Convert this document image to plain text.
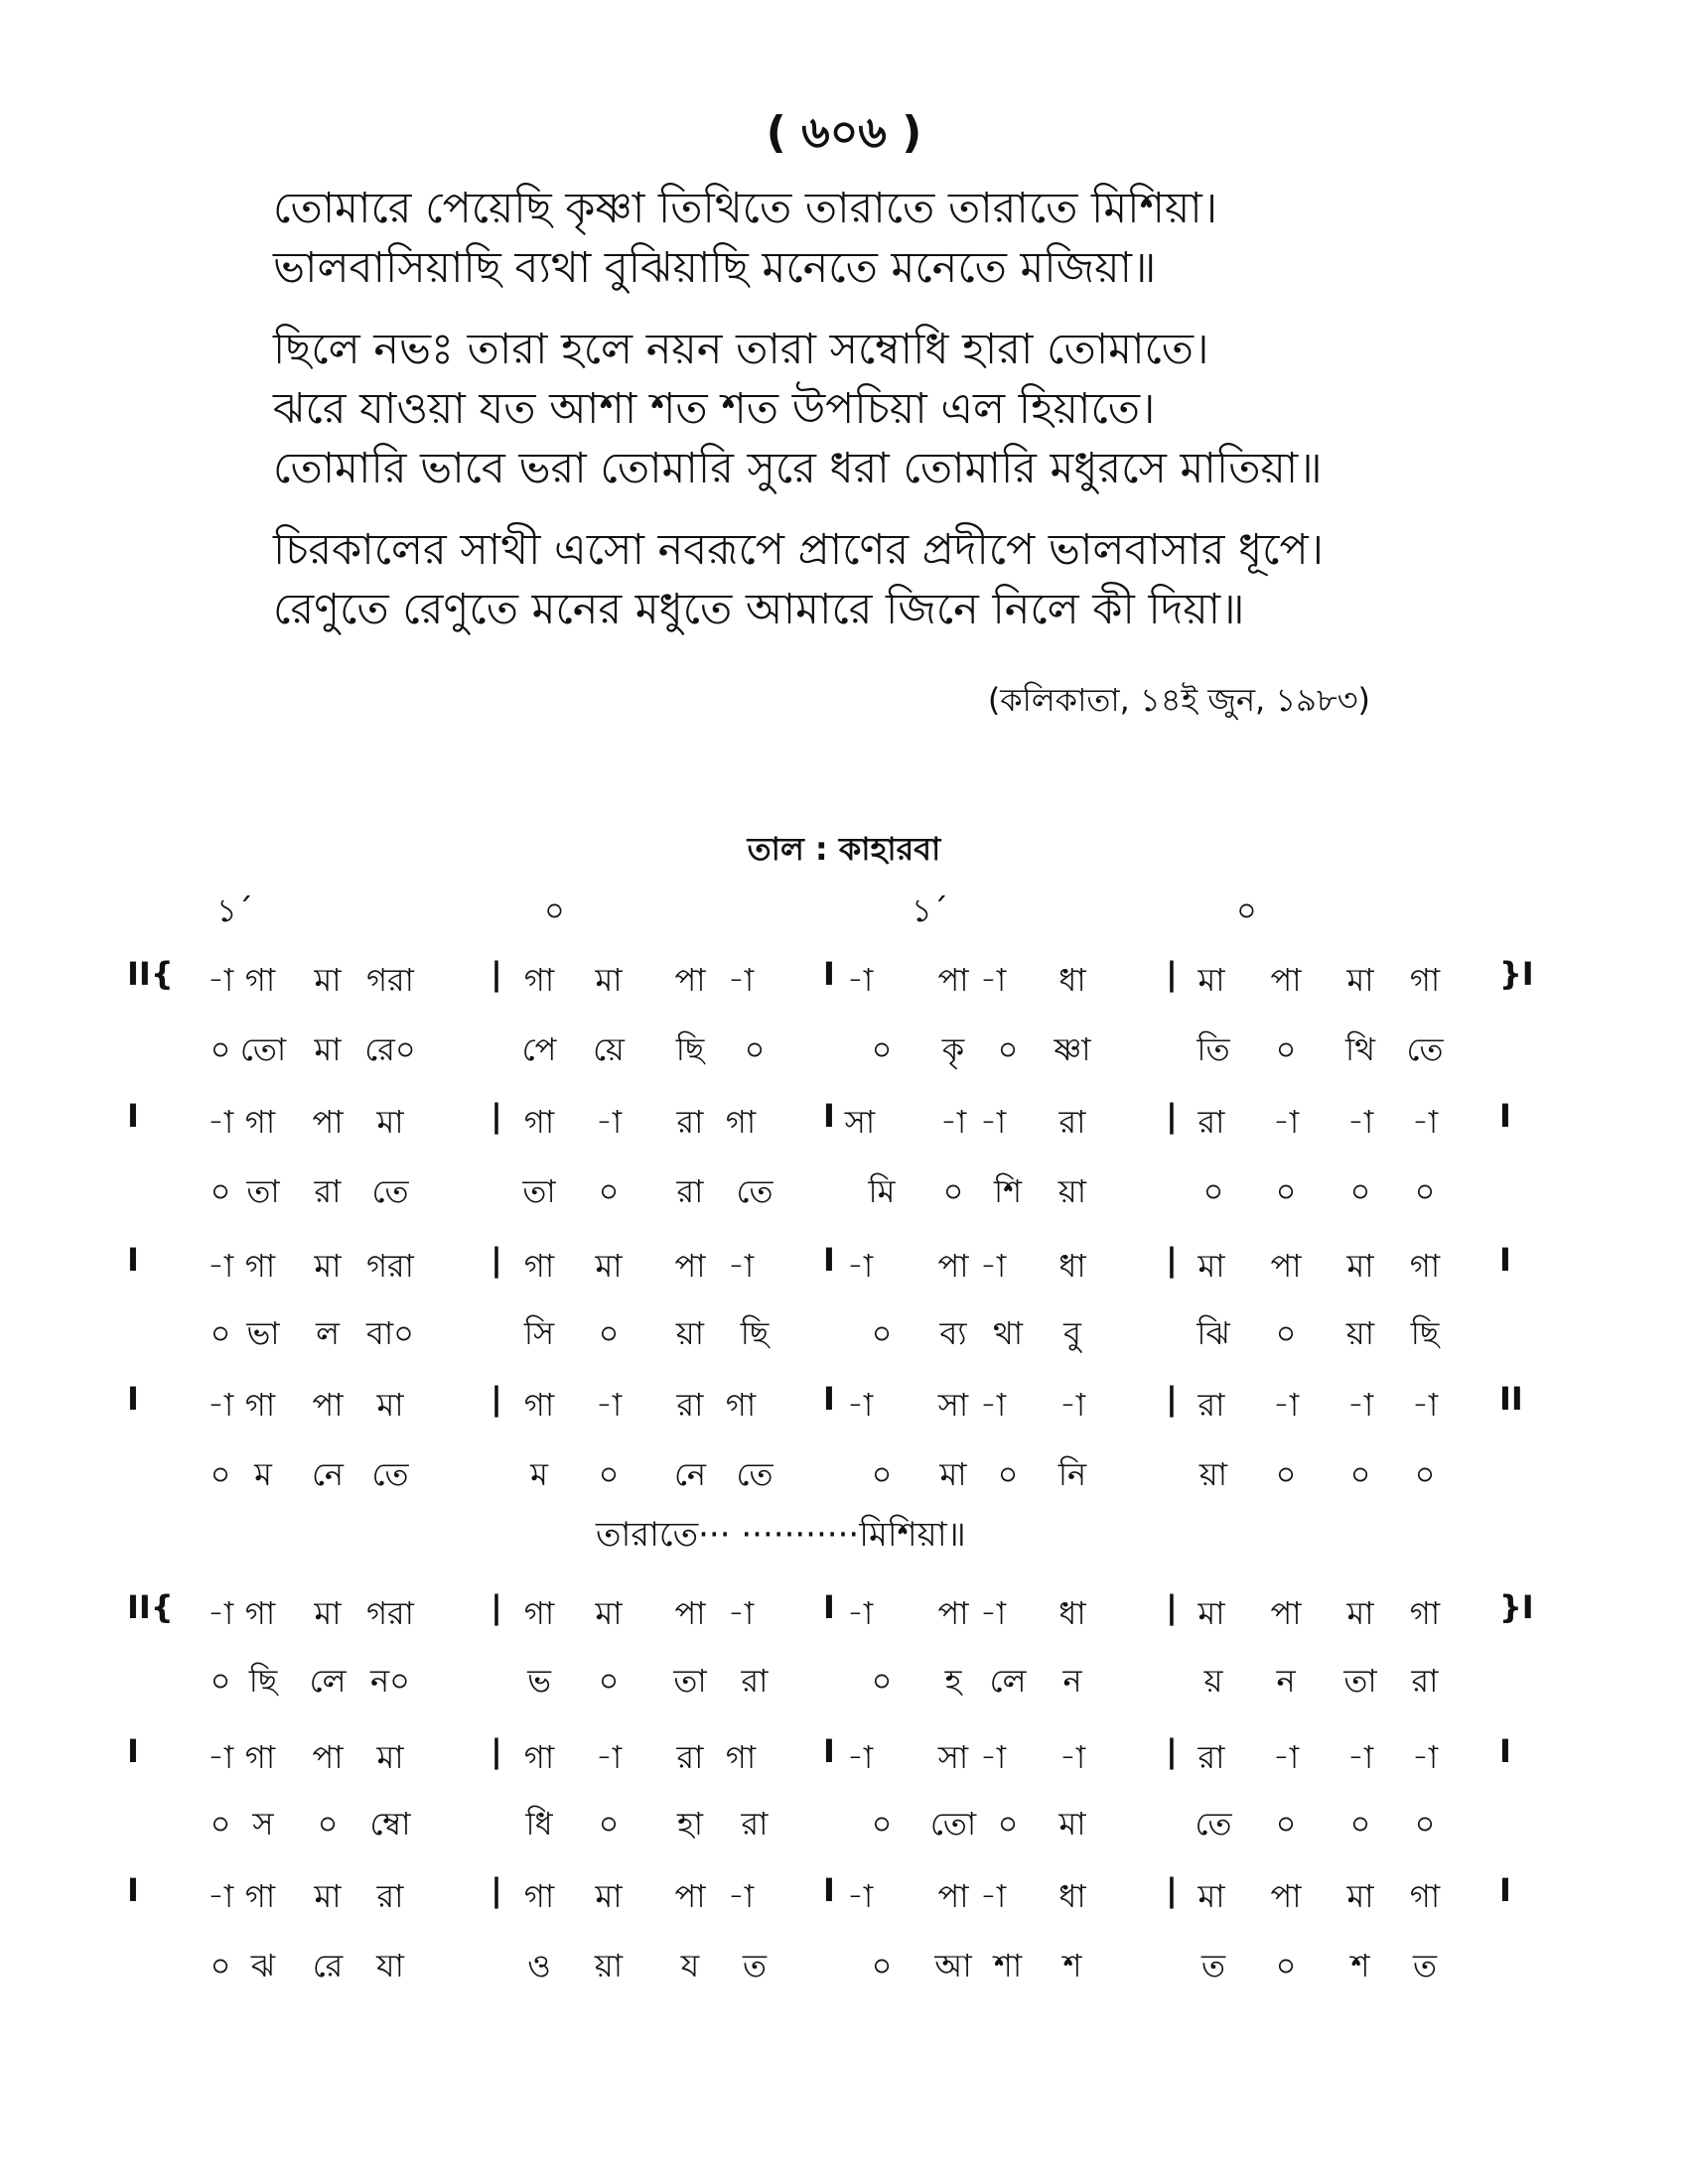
( ৬০৬ )
তোমারে পেয়েছি কৃষ্ণা তিথিতে তারাতে তারাতে মিশিয়া।
ভালবাসিয়াছি ব্যথা বুঝিয়াছি মনেতে মনেতে মজিয়া॥
ছিলে নভঃ তারা হলে নয়ন তারা সম্বোধি হারা তোমাতে।
ঝরে যাওয়া যত আশা শত শত উপচিয়া এল হিয়াতে।
তোমারি ভাবে ভরা তোমারি সুরে ধরা তোমারি মধুরসে মাতিয়া॥
চিরকালের সাথী এসো নবরূপে প্রাণের প্রদীপে ভালবাসার ধূপে।
রেণুতে রেণুতে মনের মধুতে আমারে জিনে নিলে কী দিয়া॥
(কলিকাতা, ১৪ই জুন, ১৯৮৩)
তাল : কাহারবা
১´	০	১´	০
II{ -া গা মা গরা | গা মা পা -া I -া পা -া ধা	| মা পা মা গা }I
০ তো মা রে০	পে য়ে ছি ০	০ কৃ ০ ষ্ণা	তি ০ থি তে
I -া গা পা মা	| গা -া রা গা I সা -া -া রা	| রা -া -া -া I
০ তা রা তে	তা ০ রা তে	মি ০ শি য়া	০ ০ ০ ০
I -া গা মা গরা | গা মা পা -া I -া পা -া ধা	| মা পা মা গা I
০ ভা ল বা০	সি ০ য়া ছি	০ ব্য থা বু	ঝি ০ য়া ছি
I -া গা পা মা	| গা -া রা গা I -া সা -া -া	| রা -া -া -া II
০ ম নে তে	ম ০ নে তে	০ মা ০ নি	য়া ০ ০ ০
II{ -া গা মা গরা | গা মা পা -া I -া পা -া ধা	| মা পা মা গা }I
০ ছি লে ন০	ভ ০ তা রা	০ হ লে ন	য় ন তা রা
I -া গা পা মা	| গা -া রা গা I -া সা -া -া	| রা -া -া -া I
০ স ০ ম্বো	ধি ০ হা রা	০ তো ০ মা	তে ০ ০ ০
I -া গা মা রা	| গা মা পা -া I -া পা -া ধা	| মা পা মা গা I
০ ঝ রে যা	ও য়া য ত	০ আ শা শ	ত ০ শ ত
তারাতে··· ···········মিশিয়া॥
